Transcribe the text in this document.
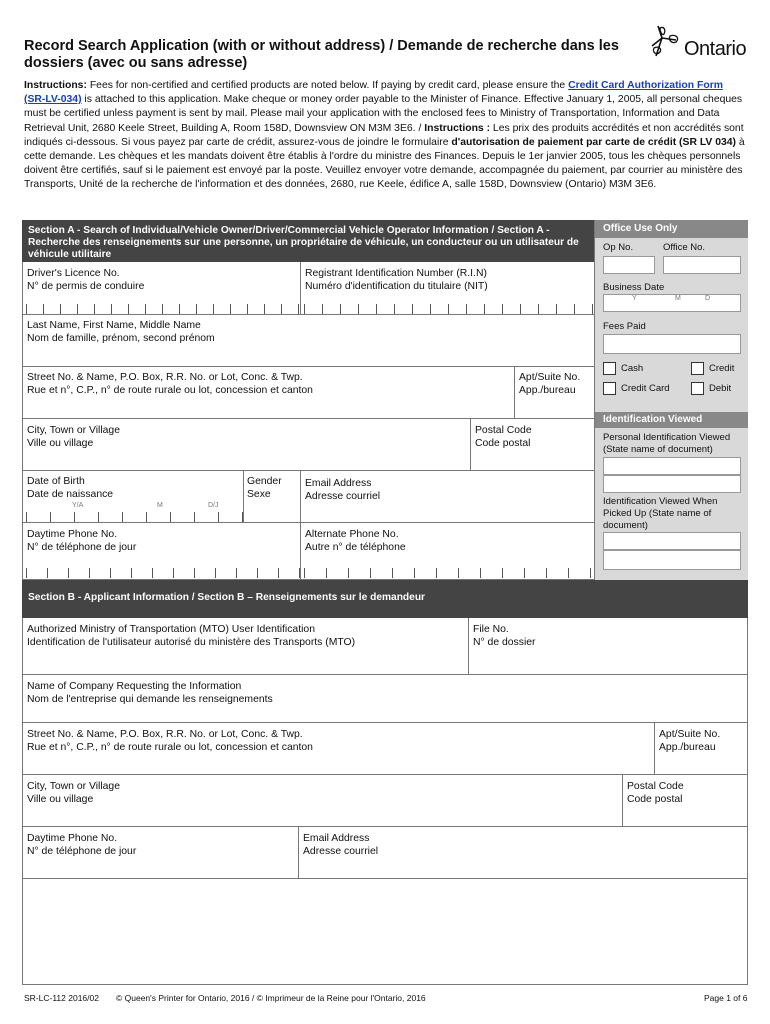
Record Search Application (with or without address) / Demande de recherche dans les dossiers (avec ou sans adresse)
Ontario
Instructions: Fees for non-certified and certified products are noted below. If paying by credit card, please ensure the Credit Card Authorization Form (SR-LV-034) is attached to this application. Make cheque or money order payable to the Minister of Finance. Effective January 1, 2005, all personal cheques must be certified unless payment is sent by mail. Please mail your application with the enclosed fees to Ministry of Transportation, Information and Data Retrieval Unit, 2680 Keele Street, Building A, Room 158D, Downsview ON M3M 3E6. / Instructions : Les prix des produits accrédités et non accrédités sont indiqués ci-dessous. Si vous payez par carte de crédit, assurez-vous de joindre le formulaire d'autorisation de paiement par carte de crédit (SR LV 034) à cette demande. Les chèques et les mandats doivent être établis à l'ordre du ministre des Finances. Depuis le 1er janvier 2005, tous les chèques personnels doivent être certifiés, sauf si le paiement est envoyé par la poste. Veuillez envoyer votre demande, accompagnée du paiement, par courrier au ministère des Transports, Unité de la recherche de l'information et des données, 2680, rue Keele, édifice A, salle 158D, Downsview (Ontario) M3M 3E6.
Section A - Search of Individual/Vehicle Owner/Driver/Commercial Vehicle Operator Information / Section A - Recherche des renseignements sur une personne, un propriétaire de véhicule, un conducteur ou un utilisateur de véhicule utilitaire
Driver's Licence No.
N° de permis de conduire
Registrant Identification Number (R.I.N)
Numéro d'identification du titulaire (NIT)
Last Name, First Name, Middle Name
Nom de famille, prénom, second prénom
Street No. & Name, P.O. Box, R.R. No. or Lot, Conc. & Twp.
Rue et n°, C.P., n° de route rurale ou lot, concession et canton
Apt/Suite No.
App./bureau
City, Town or Village
Ville ou village
Postal Code
Code postal
Date of Birth
Date de naissance
Y/A	M	D/J
Gender
Sexe
Email Address
Adresse courriel
Daytime Phone No.
N° de téléphone de jour
Alternate Phone No.
Autre n° de téléphone
Office Use Only
Op No.	Office No.
Business Date
Y	M	D
Fees Paid
Cash	Credit
Credit Card	Debit
Identification Viewed
Personal Identification Viewed (State name of document)
Identification Viewed When Picked Up (State name of document)
Section B - Applicant Information / Section B – Renseignements sur le demandeur
Authorized Ministry of Transportation (MTO) User Identification
Identification de l'utilisateur autorisé du ministère des Transports (MTO)
File No.
N° de dossier
Name of Company Requesting the Information
Nom de l'entreprise qui demande les renseignements
Street No. & Name, P.O. Box, R.R. No. or Lot, Conc. & Twp.
Rue et n°, C.P., n° de route rurale ou lot, concession et canton
Apt/Suite No.
App./bureau
City, Town or Village
Ville ou village
Postal Code
Code postal
Daytime Phone No.
N° de téléphone de jour
Email Address
Adresse courriel
SR-LC-112 2016/02 © Queen's Printer for Ontario, 2016 / © Imprimeur de la Reine pour l'Ontario, 2016	Page 1 of 6
